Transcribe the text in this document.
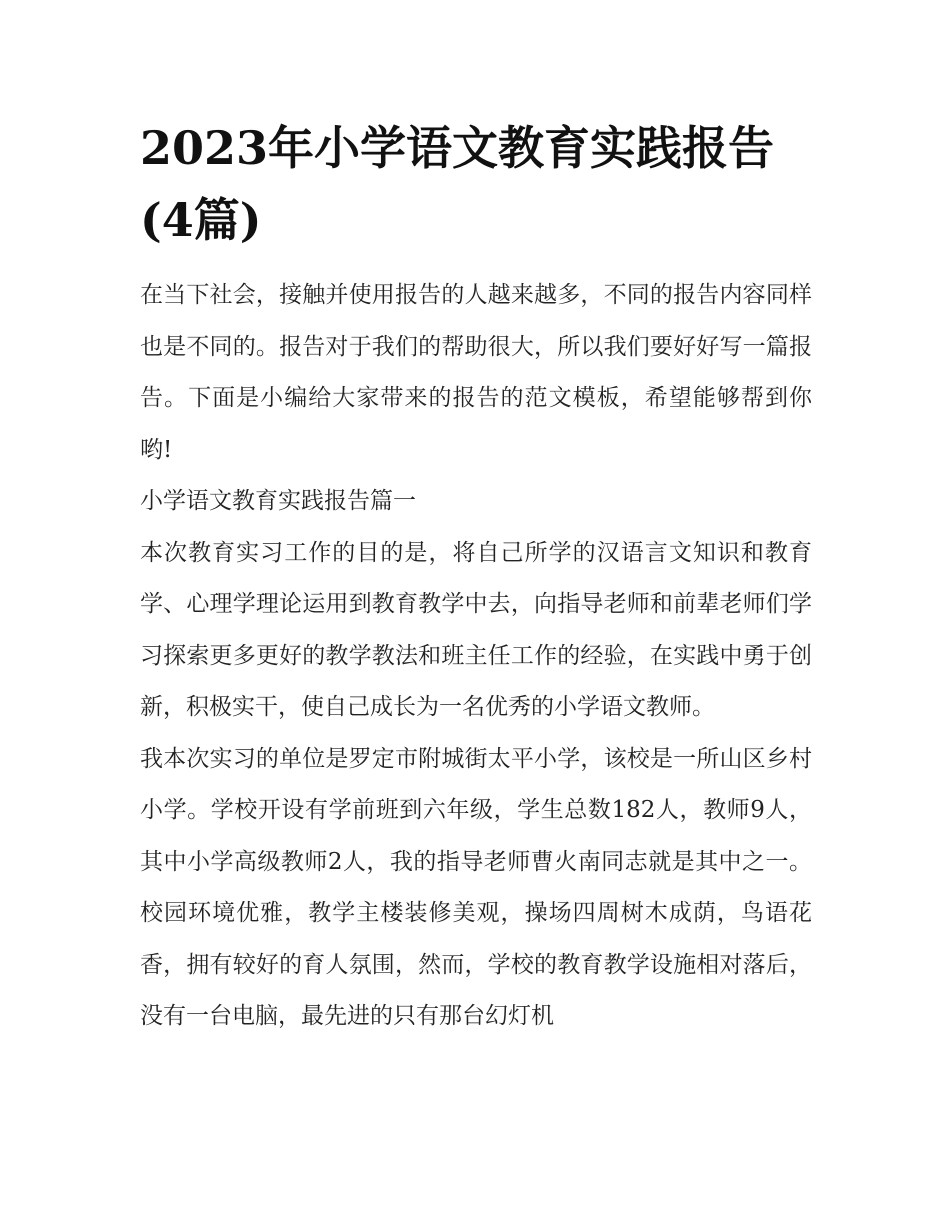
2023年小学语文教育实践报告(4篇)

在当下社会，接触并使用报告的人越来越多，不同的报告内容同样也是不同的。报告对于我们的帮助很大，所以我们要好好写一篇报告。下面是小编给大家带来的报告的范文模板，希望能够帮到你哟!

小学语文教育实践报告篇一

本次教育实习工作的目的是，将自己所学的汉语言文知识和教育学、心理学理论运用到教育教学中去，向指导老师和前辈老师们学习探索更多更好的教学教法和班主任工作的经验，在实践中勇于创新，积极实干，使自己成长为一名优秀的小学语文教师。

我本次实习的单位是罗定市附城街太平小学，该校是一所山区乡村小学。学校开设有学前班到六年级，学生总数182人，教师9人，其中小学高级教师2人，我的指导老师曹火南同志就是其中之一。校园环境优雅，教学主楼装修美观，操场四周树木成荫，鸟语花香，拥有较好的育人氛围，然而，学校的教育教学设施相对落后，没有一台电脑，最先进的只有那台幻灯机
